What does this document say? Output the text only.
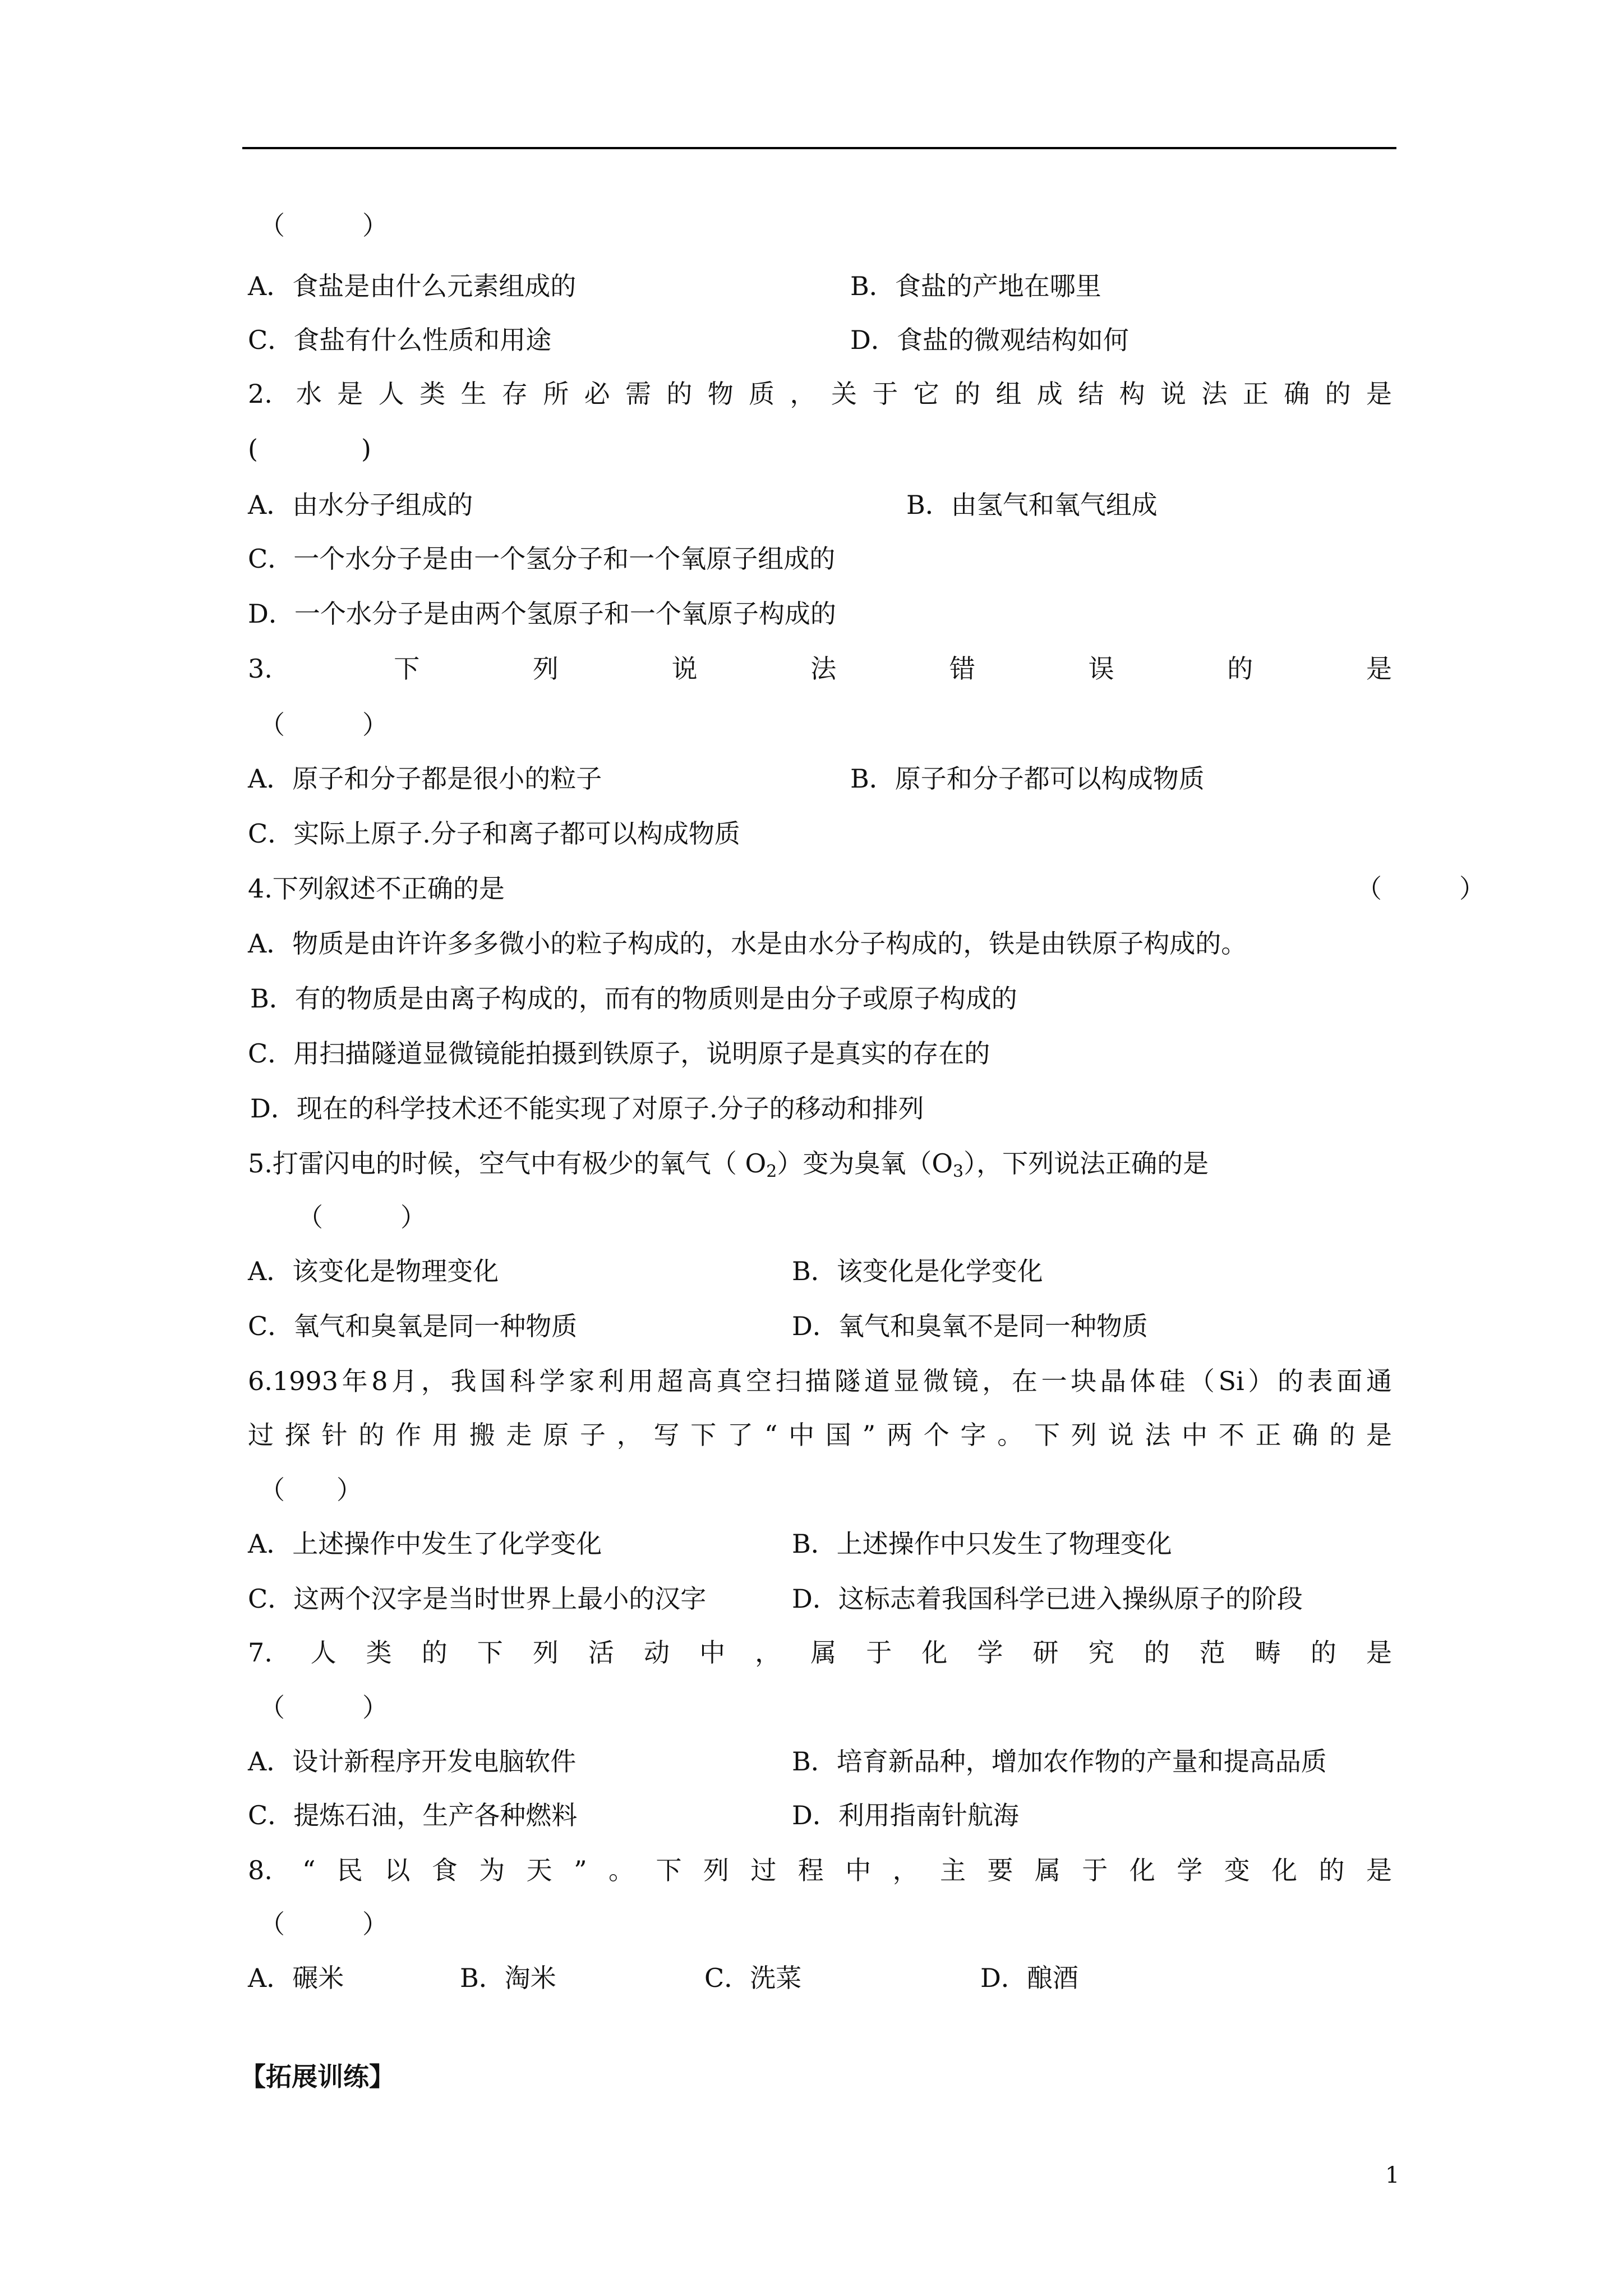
（　　　）
A．食盐是由什么元素组成的	B．食盐的产地在哪里
C．食盐有什么性质和用途	D．食盐的微观结构如何
2. 水是人类生存所必需的物质，关于它的组成结构说法正确的是
(　　　　)
A．由水分子组成的	B．由氢气和氧气组成
C．一个水分子是由一个氢分子和一个氧原子组成的
D．一个水分子是由两个氢原子和一个氧原子构成的
3. 下列说法错误的是
（　　　）
A．原子和分子都是很小的粒子	B．原子和分子都可以构成物质
C．实际上原子.分子和离子都可以构成物质
4.下列叙述不正确的是	（　　　）
A．物质是由许许多多微小的粒子构成的，水是由水分子构成的，铁是由铁原子构成的。
B．有的物质是由离子构成的，而有的物质则是由分子或原子构成的
C．用扫描隧道显微镜能拍摄到铁原子，说明原子是真实的存在的
D．现在的科学技术还不能实现了对原子.分子的移动和排列
5.打雷闪电的时候，空气中有极少的氧气（ $O_2$）变为臭氧$(O_3)$，下列说法正确的是
（　　　）
A．该变化是物理变化	B．该变化是化学变化
C．氧气和臭氧是同一种物质	D．氧气和臭氧不是同一种物质
6.1993年8月，我国科学家利用超高真空扫描隧道显微镜，在一块晶体硅（Si）的表面通
过探针的作用搬走原子，写下了“中国”两个字。下列说法中不正确的是
（　　）
A．上述操作中发生了化学变化	B．上述操作中只发生了物理变化
C．这两个汉字是当时世界上最小的汉字	D．这标志着我国科学已进入操纵原子的阶段
7. 人类的下列活动中，属于化学研究的范畴的是
（　　　）
A．设计新程序开发电脑软件	B．培育新品种，增加农作物的产量和提高品质
C．提炼石油，生产各种燃料	D．利用指南针航海
8. “民以食为天”。下列过程中，主要属于化学变化的是
（　　　）
A．碾米	B．淘米	C．洗菜	D．酿酒
【拓展训练】
1
